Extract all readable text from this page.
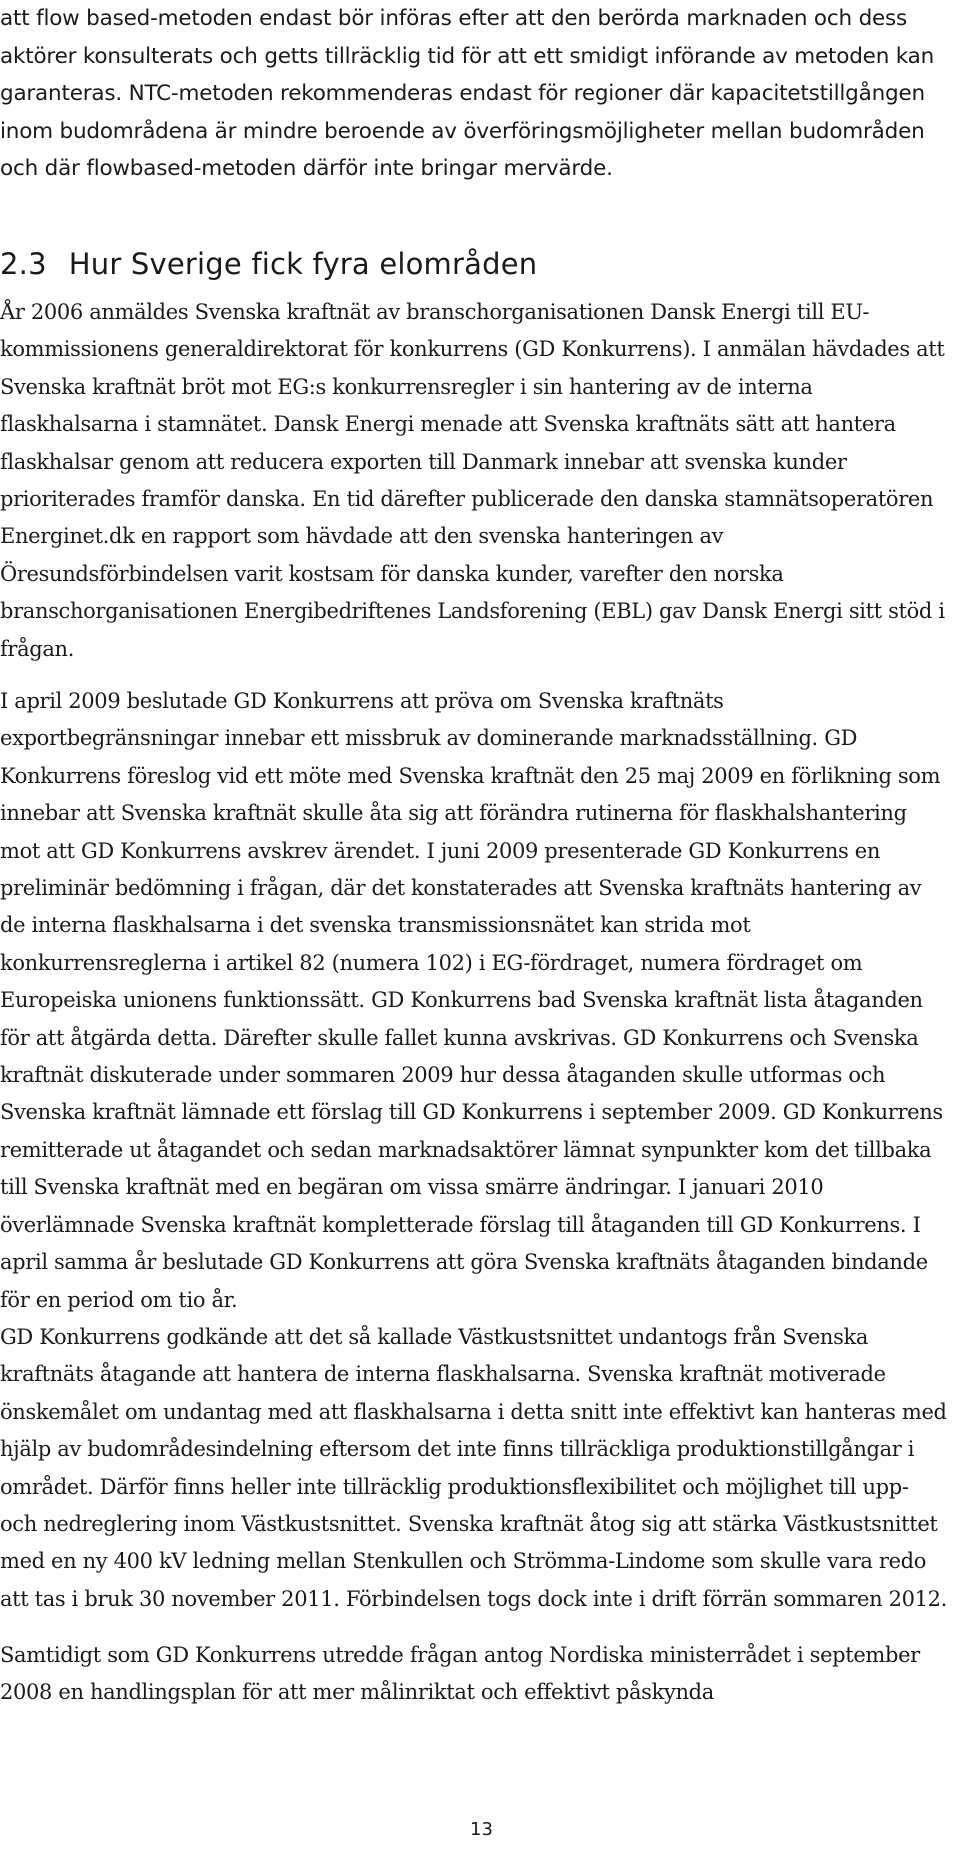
att flow based-metoden endast bör införas efter att den berörda marknaden och dess aktörer konsulterats och getts tillräcklig tid för att ett smidigt införande av metoden kan garanteras. NTC-metoden rekommenderas endast för regioner där kapacitetstillgången inom budområdena är mindre beroende av överföringsmöjligheter mellan budområden och där flowbased-metoden därför inte bringar mervärde.

2.3 Hur Sverige fick fyra elområden

År 2006 anmäldes Svenska kraftnät av branschorganisationen Dansk Energi till EU-kommissionens generaldirektorat för konkurrens (GD Konkurrens). I anmälan hävdades att Svenska kraftnät bröt mot EG:s konkurrensregler i sin hantering av de interna flaskhalsarna i stamnätet. Dansk Energi menade att Svenska kraftnäts sätt att hantera flaskhalsar genom att reducera exporten till Danmark innebar att svenska kunder prioriterades framför danska. En tid därefter publicerade den danska stamnätsoperatören Energinet.dk en rapport som hävdade att den svenska hanteringen av Öresundsförbindelsen varit kostsam för danska kunder, varefter den norska branschorganisationen Energibedriftenes Landsforening (EBL) gav Dansk Energi sitt stöd i frågan.

I april 2009 beslutade GD Konkurrens att pröva om Svenska kraftnäts exportbegränsningar innebar ett missbruk av dominerande marknadsställning. GD Konkurrens föreslog vid ett möte med Svenska kraftnät den 25 maj 2009 en förlikning som innebar att Svenska kraftnät skulle åta sig att förändra rutinerna för flaskhalshantering mot att GD Konkurrens avskrev ärendet. I juni 2009 presenterade GD Konkurrens en preliminär bedömning i frågan, där det konstaterades att Svenska kraftnäts hantering av de interna flaskhalsarna i det svenska transmissionsnätet kan strida mot konkurrensreglerna i artikel 82 (numera 102) i EG-fördraget, numera fördraget om Europeiska unionens funktionssätt. GD Konkurrens bad Svenska kraftnät lista åtaganden för att åtgärda detta. Därefter skulle fallet kunna avskrivas. GD Konkurrens och Svenska kraftnät diskuterade under sommaren 2009 hur dessa åtaganden skulle utformas och Svenska kraftnät lämnade ett förslag till GD Konkurrens i september 2009. GD Konkurrens remitterade ut åtagandet och sedan marknadsaktörer lämnat synpunkter kom det tillbaka till Svenska kraftnät med en begäran om vissa smärre ändringar. I januari 2010 överlämnade Svenska kraftnät kompletterade förslag till åtaganden till GD Konkurrens. I april samma år beslutade GD Konkurrens att göra Svenska kraftnäts åtaganden bindande för en period om tio år.

GD Konkurrens godkände att det så kallade Västkustsnittet undantogs från Svenska kraftnäts åtagande att hantera de interna flaskhalsarna. Svenska kraftnät motiverade önskemålet om undantag med att flaskhalsarna i detta snitt inte effektivt kan hanteras med hjälp av budområdesindelning eftersom det inte finns tillräckliga produktionstillgångar i området. Därför finns heller inte tillräcklig produktionsflexibilitet och möjlighet till upp- och nedreglering inom Västkustsnittet. Svenska kraftnät åtog sig att stärka Västkustsnittet med en ny 400 kV ledning mellan Stenkullen och Strömma-Lindome som skulle vara redo att tas i bruk 30 november 2011. Förbindelsen togs dock inte i drift förrän sommaren 2012.

Samtidigt som GD Konkurrens utredde frågan antog Nordiska ministerrådet i september 2008 en handlingsplan för att mer målinriktat och effektivt påskynda

13
